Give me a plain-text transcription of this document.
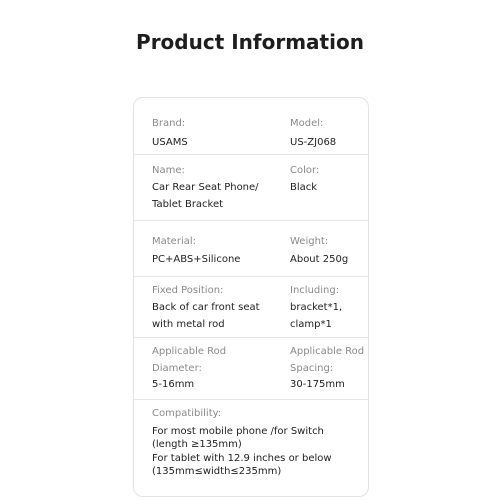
Product Information
Brand:
USAMS
Model:
US-ZJ068
Name:
Car Rear Seat Phone/
Tablet Bracket
Color:
Black
Material:
PC+ABS+Silicone
Weight:
About 250g
Fixed Position:
Back of car front seat
with metal rod
Including:
bracket*1,
clamp*1
Applicable Rod
Diameter:
5-16mm
Applicable Rod
Spacing:
30-175mm
Compatibility:
For most mobile phone /for Switch
(length ≥135mm)
For tablet with 12.9 inches or below
(135mm≤width≤235mm)
